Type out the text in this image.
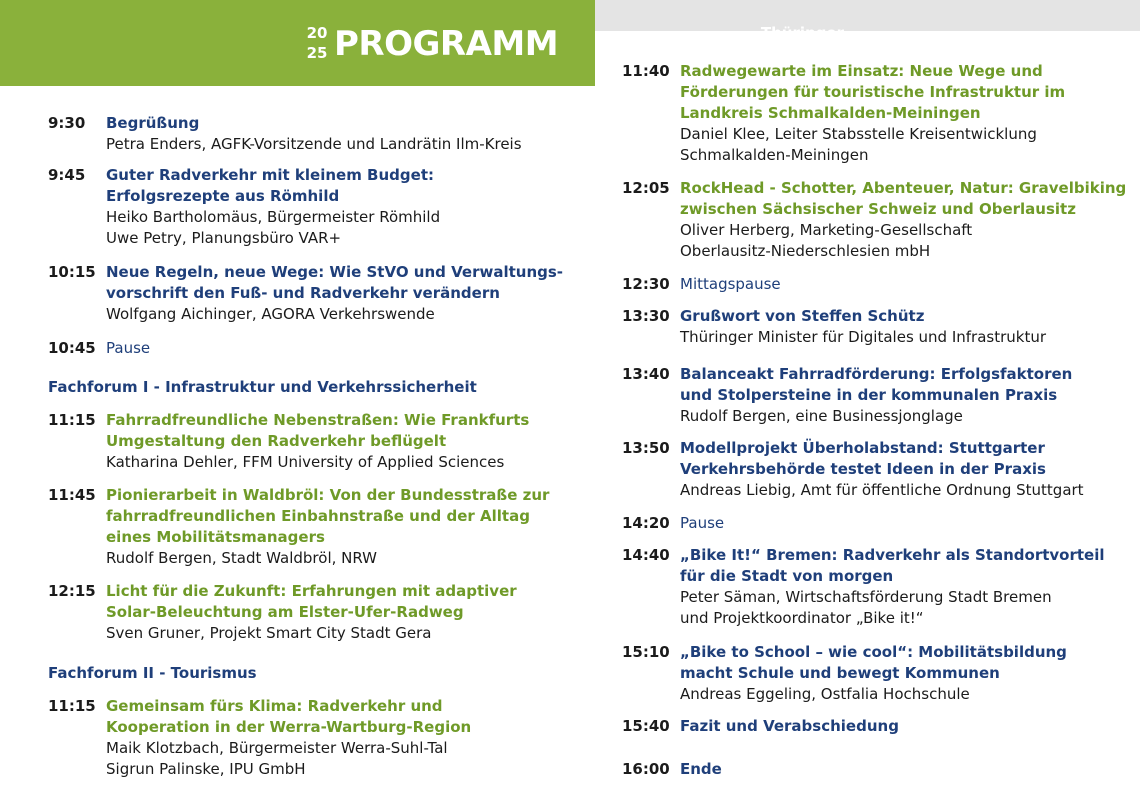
Thüringer
Radverkehrskonferenz
20
25 PROGRAMM
9:30	Begrüßung
Petra Enders, AGFK-Vorsitzende und Landrätin Ilm-Kreis
9:45	Guter Radverkehr mit kleinem Budget:
Erfolgsrezepte aus Römhild
Heiko Bartholomäus, Bürgermeister Römhild
Uwe Petry, Planungsbüro VAR+
10:15 Neue Regeln, neue Wege: Wie StVO und Verwaltungs-
vorschrift den Fuß- und Radverkehr verändern
Wolfgang Aichinger, AGORA Verkehrswende
10:45 Pause
Fachforum I - Infrastruktur und Verkehrssicherheit
11:15 Fahrradfreundliche Nebenstraßen: Wie Frankfurts
Umgestaltung den Radverkehr beflügelt
Katharina Dehler, FFM University of Applied Sciences
11:45 Pionierarbeit in Waldbröl: Von der Bundesstraße zur
fahrradfreundlichen Einbahnstraße und der Alltag
eines Mobilitätsmanagers
Rudolf Bergen, Stadt Waldbröl, NRW
12:15 Licht für die Zukunft: Erfahrungen mit adaptiver
Solar-Beleuchtung am Elster-Ufer-Radweg
Sven Gruner, Projekt Smart City Stadt Gera
Fachforum II - Tourismus
11:15 Gemeinsam fürs Klima: Radverkehr und
Kooperation in der Werra-Wartburg-Region
Maik Klotzbach, Bürgermeister Werra-Suhl-Tal
Sigrun Palinske, IPU GmbH
11:40 Radwegewarte im Einsatz: Neue Wege und
Förderungen für touristische Infrastruktur im
Landkreis Schmalkalden-Meiningen
Daniel Klee, Leiter Stabsstelle Kreisentwicklung
Schmalkalden-Meiningen
12:05 RockHead - Schotter, Abenteuer, Natur: Gravelbiking
zwischen Sächsischer Schweiz und Oberlausitz
Oliver Herberg, Marketing-Gesellschaft
Oberlausitz-Niederschlesien mbH
12:30 Mittagspause
13:30 Grußwort von Steffen Schütz
Thüringer Minister für Digitales und Infrastruktur
13:40 Balanceakt Fahrradförderung: Erfolgsfaktoren
und Stolpersteine in der kommunalen Praxis
Rudolf Bergen, eine Businessjonglage
13:50 Modellprojekt Überholabstand: Stuttgarter
Verkehrsbehörde testet Ideen in der Praxis
Andreas Liebig, Amt für öffentliche Ordnung Stuttgart
14:20 Pause
14:40 „Bike It!“ Bremen: Radverkehr als Standortvorteil
für die Stadt von morgen
Peter Säman, Wirtschaftsförderung Stadt Bremen
und Projektkoordinator „Bike it!“
15:10 „Bike to School – wie cool“: Mobilitätsbildung
macht Schule und bewegt Kommunen
Andreas Eggeling, Ostfalia Hochschule
15:40 Fazit und Verabschiedung
16:00 Ende
